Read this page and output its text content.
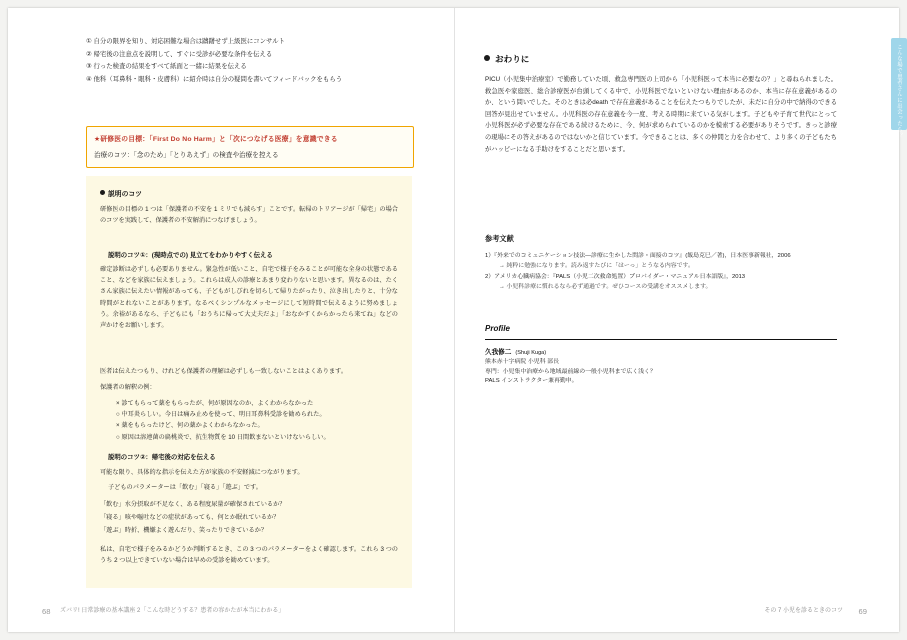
① 自分の限界を知り、対応困難な場合は躊躇せず上級医にコンサルト
② 帰宅後の注意点を説明して、すぐに受診が必要な条件を伝える
③ 行った検査の結果をすべて紙面と一緒に結果を伝える
④ 他科（耳鼻科・眼科・皮膚科）に紹介時は自分の疑問を書いてフィードバックをもらう
★研修医の目標：「First Do No Harm」と「次につなげる医療」を意識できる
治療のコツ：「念のため」「とりあえず」の検査や治療を控える
説明のコツ
研修医の目標の 1 つは「保護者の不安を 1 ミリでも減らす」ことです。転帰のトリアージが「帰宅」の場合のコツを実践して、保護者の不安解消につなげましょう。
説明のコツ①：(現時点での) 見立てをわかりやすく伝える
確定診断は必ずしも必要ありません。緊急性が低いこと、自宅で様子をみることが可能な全身の状態であること、などを家族に伝えましょう。これらは成人の診療とあまり変わりないと思います。異なるのは、たくさん家族に伝えたい情報があっても、子どもがしびれを切らして帰りたがったり、泣き出したりと、十分な時間がとれないことがあります。なるべくシンプルなメッセージにして短時間で伝えるように努めましょう。余裕があるなら、子どもにも「おうちに帰って大丈夫だよ」「おなかすくからかったら来てね」などの声かけをお願いします。
医者は伝えたつもり、けれども保護者の理解は必ずしも一致しないことはよくあります。
保護者の解釈の例：
× 診てもらって薬をもらったが、何が原因なのか、よくわからなかった
○ 中耳炎らしい。今日は痛み止めを使って、明日耳鼻科受診を勧められた。
× 薬をもらったけど、何の薬かよくわからなかった。
○ 原因は溶連菌の扁桃炎で、抗生物質を 10 日間飲まないといけないらしい。
説明のコツ②：帰宅後の対応を伝える
可能な限り、具体的な指示を伝えた方が家族の不安軽減につながります。
子どものパラメーターは「飲む」「寝る」「遊ぶ」です。
「飲む」水分摂取が不足なく、ある程度尿量が確保されているか？
「寝る」咳や嘔吐などの症状があっても、何とか眠れているか？
「遊ぶ」時折、機嫌よく遊んだり、笑ったりできているか？
私は、自宅で様子をみるかどうか判断するとき、この 3 つのパラメーターをよく確認します。これら 3 つのうち 2 つ以上できていない場合は早めの受診を勧めています。
68 ズバリ! 日常診療の基本講座 2「こんな時どうする？患者の容かたが本当にわかる」
おわりに
PICU（小児集中治療室）で勤務していた頃、救急専門医の上司から「小児科医って本当に必要なの？」と尋ねられました。救急医や家庭医、総合診療医が台頭してくる中で、小児科医でないといけない理由があるのか、本当に存在意義があるのか、という問いでした。そのときは必death で存在意義があることを伝えたつもりでしたが、未だに自分の中で納得のできる回答が見出せていません。小児科医の存在意義を今一度、考える時期に来ている気がします。子どもや子育て世代にとって小児科医が必ず必要な存在である続けるために、今、何が求められているのかを模索する必要がありそうです。きっと診療の現場にその答えがあるのではないかと信じています。今できることは、多くの仲間と力を合わせて、より多くの子どもたちがハッピーになる手助けをすることだと思います。
参考文献
1）『外来でのコミュニケーション技法―診療に生かした問診・面接のコツ』(飯島克巳／著)，日本医事新報社，2006
→ 純粋に勉強になります。読み返すたびに「はーっ」とうなる内容です。
2）アメリカ心臓病協会：『PALS（小児二次救命処置）プロバイダー・マニュアル日本語版』，2013
→ 小児科診療に慣れるなら必ず通過です。ぜひコースの受講をオススメします。
Profile
久我修二 (Shuji Kuga)
熊本赤十字病院 小児科 部長
専門：小児集中治療から地域最前線の一般小児科まで広く浅く？
PALS インストラクター兼再勤申。
こんな場で患者さんに出会ったら？
その 7 小児を診るときのコツ 69
